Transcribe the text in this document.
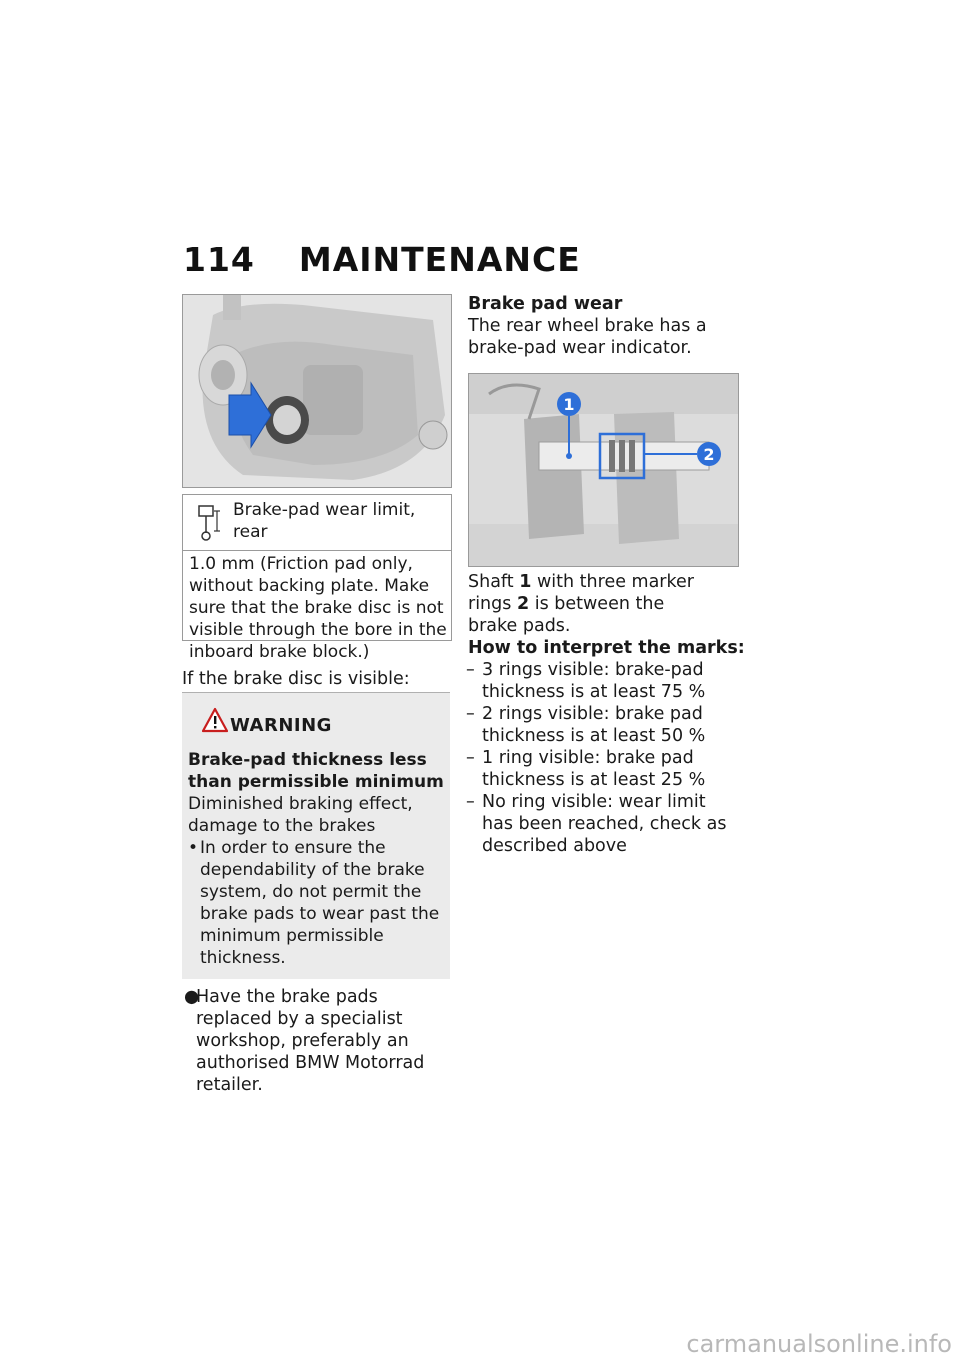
114 MAINTENANCE
Brake-pad wear limit, rear
1.0 mm (Friction pad only, without backing plate. Make sure that the brake disc is not visible through the bore in the inboard brake block.)
If the brake disc is visible:
WARNING
Brake-pad thickness less than permissible minimum
Diminished braking effect, damage to the brakes
• In order to ensure the dependability of the brake system, do not permit the brake pads to wear past the minimum permissible thickness.
●
Have the brake pads replaced by a specialist workshop, preferably an authorised BMW Motorrad retailer.
Brake pad wear
The rear wheel brake has a brake-pad wear indicator.
1
2
Shaft 1 with three marker rings 2 is between the brake pads.
How to interpret the marks:
– 3 rings visible: brake-pad thickness is at least 75 %
– 2 rings visible: brake pad thickness is at least 50 %
– 1 ring visible: brake pad thickness is at least 25 %
– No ring visible: wear limit has been reached, check as described above
carmanualsonline.info
